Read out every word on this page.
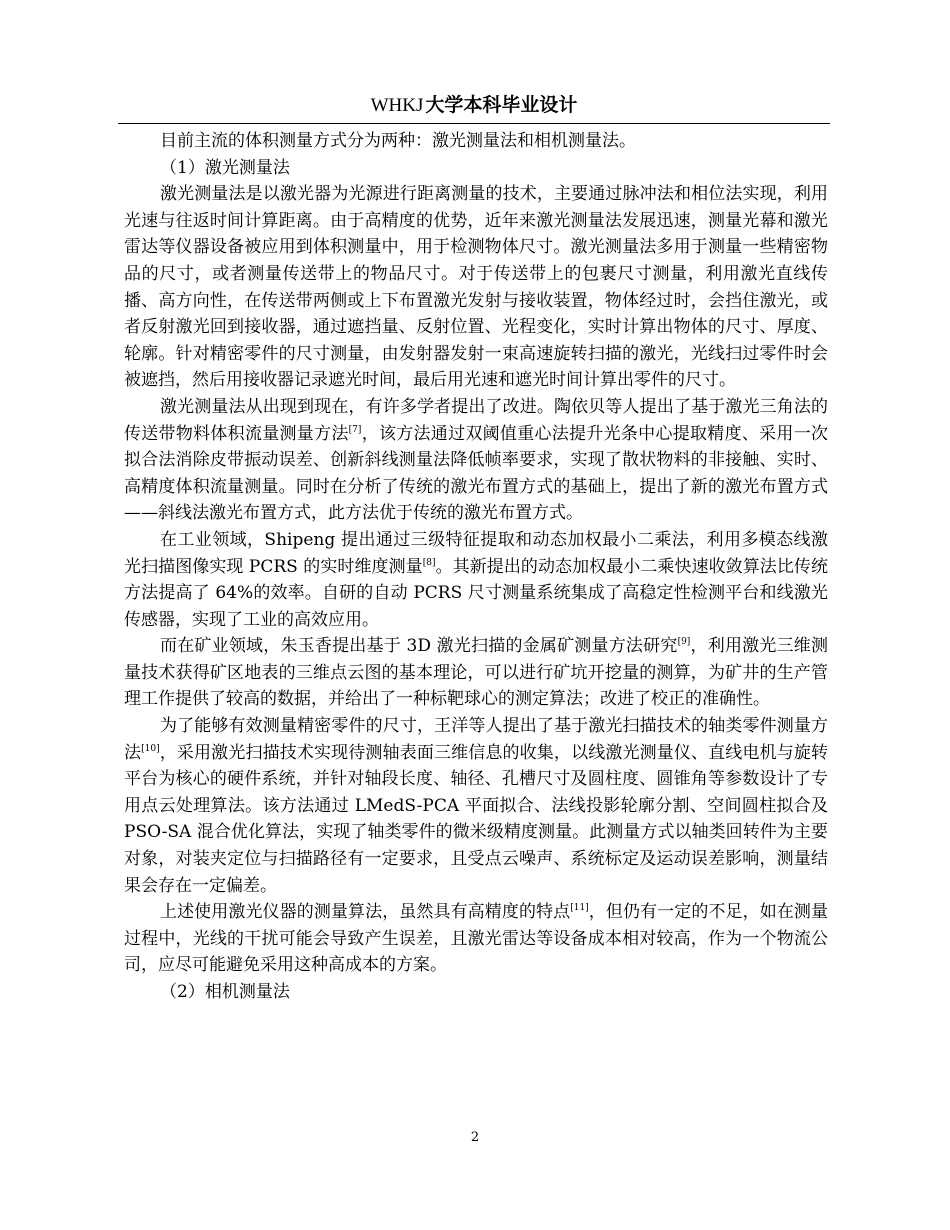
WHKJ 大学本科毕业设计

目前主流的体积测量方式分为两种：激光测量法和相机测量法。

（1）激光测量法

激光测量法是以激光器为光源进行距离测量的技术，主要通过脉冲法和相位法实现，利用光速与往返时间计算距离。由于高精度的优势，近年来激光测量法发展迅速，测量光幕和激光雷达等仪器设备被应用到体积测量中，用于检测物体尺寸。激光测量法多用于测量一些精密物品的尺寸，或者测量传送带上的物品尺寸。对于传送带上的包裹尺寸测量，利用激光直线传播、高方向性，在传送带两侧或上下布置激光发射与接收装置，物体经过时，会挡住激光，或者反射激光回到接收器，通过遮挡量、反射位置、光程变化，实时计算出物体的尺寸、厚度、轮廓。针对精密零件的尺寸测量，由发射器发射一束高速旋转扫描的激光，光线扫过零件时会被遮挡，然后用接收器记录遮光时间，最后用光速和遮光时间计算出零件的尺寸。

激光测量法从出现到现在，有许多学者提出了改进。陶依贝等人提出了基于激光三角法的传送带物料体积流量测量方法[7]，该方法通过双阈值重心法提升光条中心提取精度、采用一次拟合法消除皮带振动误差、创新斜线测量法降低帧率要求，实现了散状物料的非接触、实时、高精度体积流量测量。同时在分析了传统的激光布置方式的基础上，提出了新的激光布置方式——斜线法激光布置方式，此方法优于传统的激光布置方式。

在工业领域，Shipeng 提出通过三级特征提取和动态加权最小二乘法，利用多模态线激光扫描图像实现 PCRS 的实时维度测量[8]。其新提出的动态加权最小二乘快速收敛算法比传统方法提高了 64%的效率。自研的自动 PCRS 尺寸测量系统集成了高稳定性检测平台和线激光传感器，实现了工业的高效应用。

而在矿业领域，朱玉香提出基于 3D 激光扫描的金属矿测量方法研究[9]，利用激光三维测量技术获得矿区地表的三维点云图的基本理论，可以进行矿坑开挖量的测算，为矿井的生产管理工作提供了较高的数据，并给出了一种标靶球心的测定算法；改进了校正的准确性。

为了能够有效测量精密零件的尺寸，王洋等人提出了基于激光扫描技术的轴类零件测量方法[10]，采用激光扫描技术实现待测轴表面三维信息的收集，以线激光测量仪、直线电机与旋转平台为核心的硬件系统，并针对轴段长度、轴径、孔槽尺寸及圆柱度、圆锥角等参数设计了专用点云处理算法。该方法通过 LMedS-PCA 平面拟合、法线投影轮廓分割、空间圆柱拟合及 PSO-SA 混合优化算法，实现了轴类零件的微米级精度测量。此测量方式以轴类回转件为主要对象，对装夹定位与扫描路径有一定要求，且受点云噪声、系统标定及运动误差影响，测量结果会存在一定偏差。

上述使用激光仪器的测量算法，虽然具有高精度的特点[11]，但仍有一定的不足，如在测量过程中，光线的干扰可能会导致产生误差，且激光雷达等设备成本相对较高，作为一个物流公司，应尽可能避免采用这种高成本的方案。

（2）相机测量法

2
